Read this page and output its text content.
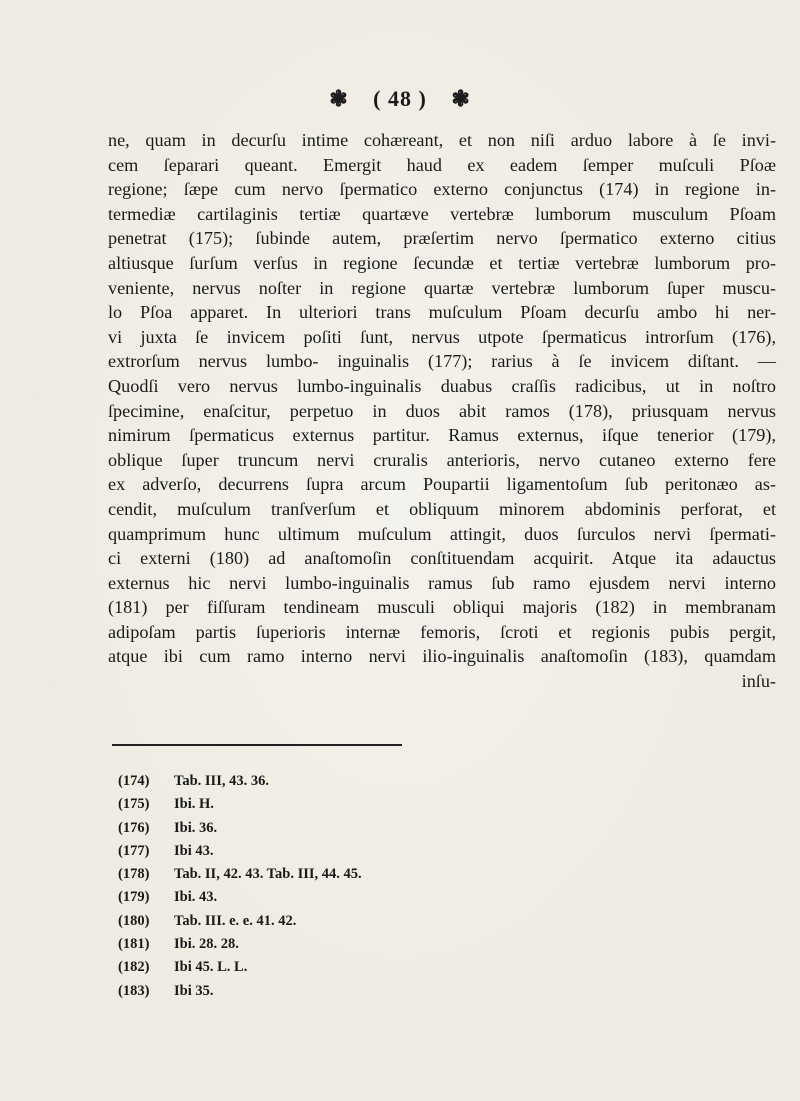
❃ ( 48 ) ❃
ne, quam in decurſu intime cohæreant, et non niſi arduo labore à ſe invi-
cem ſeparari queant. Emergit haud ex eadem ſemper muſculi Pſoæ
regione; ſæpe cum nervo ſpermatico externo conjunctus (174) in regione in-
termediæ cartilaginis tertiæ quartæve vertebræ lumborum musculum Pſoam
penetrat (175); ſubinde autem, præſertim nervo ſpermatico externo citius
altiusque ſurſum verſus in regione ſecundæ et tertiæ vertebræ lumborum pro-
veniente, nervus noſter in regione quartæ vertebræ lumborum ſuper muscu-
lo Pſoa apparet. In ulteriori trans muſculum Pſoam decurſu ambo hi ner-
vi juxta ſe invicem poſiti ſunt, nervus utpote ſpermaticus introrſum (176),
extrorſum nervus lumbo- inguinalis (177); rarius à ſe invicem diſtant. —
Quodſi vero nervus lumbo-inguinalis duabus craſſis radicibus, ut in noſtro
ſpecimine, enaſcitur, perpetuo in duos abit ramos (178), priusquam nervus
nimirum ſpermaticus externus partitur. Ramus externus, iſque tenerior (179),
oblique ſuper truncum nervi cruralis anterioris, nervo cutaneo externo fere
ex adverſo, decurrens ſupra arcum Poupartii ligamentoſum ſub peritonæo as-
cendit, muſculum tranſverſum et obliquum minorem abdominis perforat, et
quamprimum hunc ultimum muſculum attingit, duos ſurculos nervi ſpermati-
ci externi (180) ad anaſtomoſin conſtituendam acquirit. Atque ita adauctus
externus hic nervi lumbo-inguinalis ramus ſub ramo ejusdem nervi interno
(181) per fiſſuram tendineam musculi obliqui majoris (182) in membranam
adipoſam partis ſuperioris internæ femoris, ſcroti et regionis pubis pergit,
atque ibi cum ramo interno nervi ilio-inguinalis anaſtomoſin (183), quamdam
inſu-
(174) Tab. III, 43. 36.
(175) Ibi. H.
(176) Ibi. 36.
(177) Ibi 43.
(178) Tab. II, 42. 43. Tab. III, 44. 45.
(179) Ibi. 43.
(180) Tab. III. e. e. 41. 42.
(181) Ibi. 28. 28.
(182) Ibi 45. L. L.
(183) Ibi 35.
